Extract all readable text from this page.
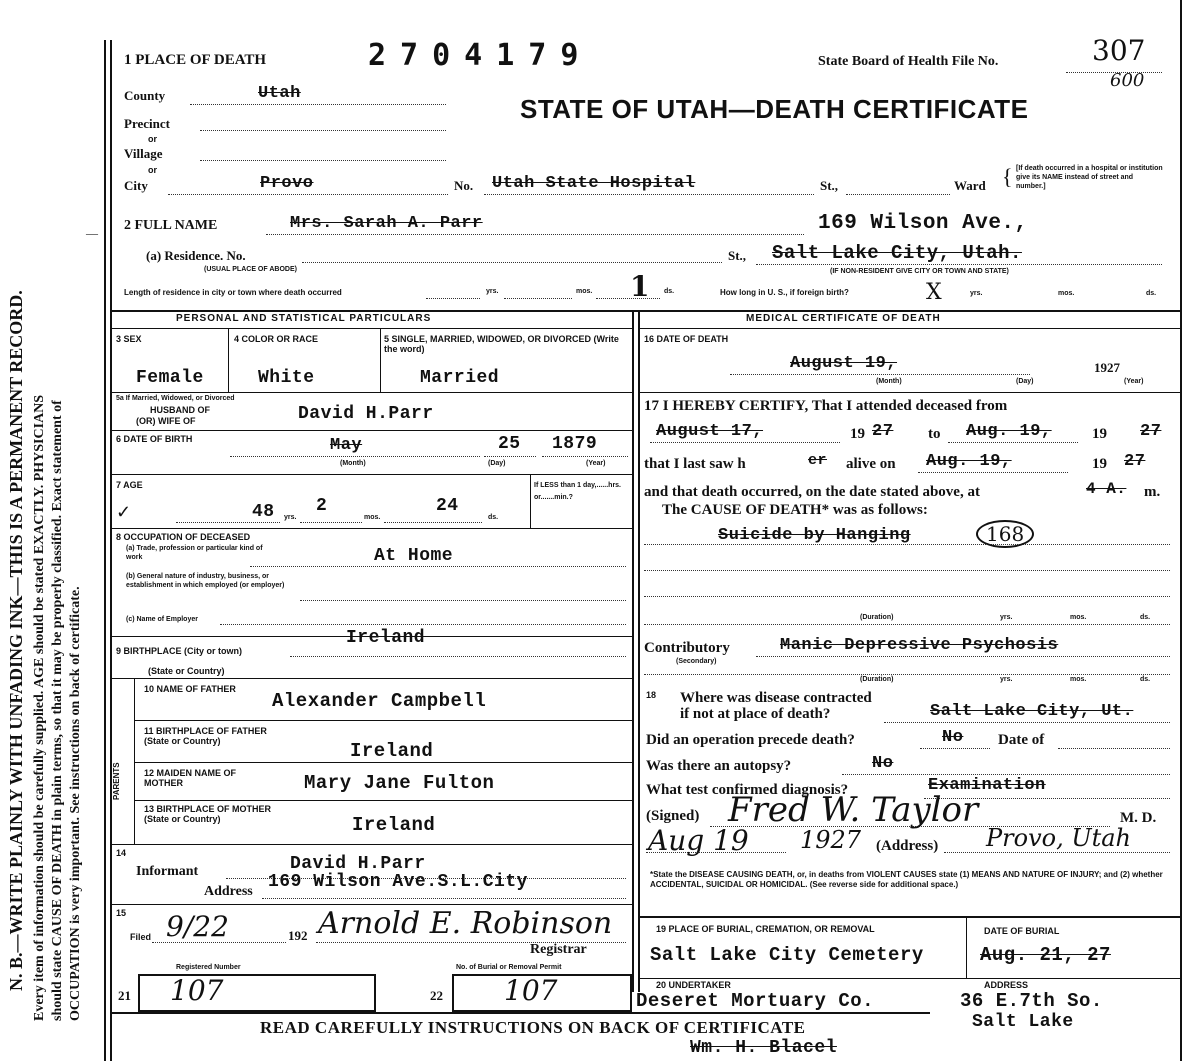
N. B.—WRITE PLAINLY WITH UNFADING INK—THIS IS A PERMANENT RECORD. Every item of information should be carefully supplied. AGE should be stated EXACTLY. PHYSICIANS should state CAUSE OF DEATH in plain terms, so that it may be properly classified. Exact statement of OCCUPATION is very important. See instructions on back of certificate.
1 PLACE OF DEATH	2704179	State Board of Health File No.	307
600
STATE OF UTAH—DEATH CERTIFICATE
County	Utah
Precinct
or
Village
or
City	Provo	No. Utah State Hospital	St.,	Ward { [If death occurred in a hospital or institution give its NAME instead of street and number.]
— 2 FULL NAME	Mrs. Sarah A. Parr	169 Wilson Ave.,
(a) Residence. No.
(USUAL PLACE OF ABODE)
St., Salt Lake City, Utah.
(IF NON-RESIDENT GIVE CITY OR TOWN AND STATE)
Length of residence in city or town where death occurred	yrs.	mos. 1 ds.	How long in U. S., if foreign birth?	X	yrs.	mos.	ds.
PERSONAL AND STATISTICAL PARTICULARS
3 SEX
Female
4 COLOR OR RACE
White
5 SINGLE, MARRIED, WIDOWED, OR DIVORCED (Write the word)
Married
5a If Married, Widowed, or Divorced
HUSBAND OF
(OR) WIFE OF	David H.Parr
6 DATE OF BIRTH	May
(Month)
25
(Day)
1879
(Year)
7 AGE
✓	48 yrs.
2
mos.
24
ds.
If LESS than 1 day,......hrs. or.......min.?
8 OCCUPATION OF DECEASED
(a) Trade, profession or particular kind of work	At Home
(b) General nature of industry, business, or establishment in which employed (or employer)
(c) Name of Employer
9 BIRTHPLACE (City or town)
Ireland
(State or Country)
PARENTS
10 NAME OF FATHER
Alexander Campbell
11 BIRTHPLACE OF FATHER (State or Country)	Ireland
12 MAIDEN NAME OF MOTHER	Mary Jane Fulton
13 BIRTHPLACE OF MOTHER (State or Country)	Ireland
14
Informant	David H.Parr
Address 169 Wilson Ave.S.L.City
15
Filed 9/22	192 Arnold E. Robinson
Registrar
Registered Number
21 107
No. of Burial or Removal Permit
22 107
MEDICAL CERTIFICATE OF DEATH
16 DATE OF DEATH
August 19,
(Month)	(Day)
1927
(Year)
17 I HEREBY CERTIFY, That I attended deceased from
August 17,	19 27 to Aug. 19,	19 27
that I last saw h	er alive on Aug. 19,	19 27
and that death occurred, on the date stated above, at	4 A. m.
The CAUSE OF DEATH* was as follows:
Suicide by Hanging	168
(Duration)	yrs.	mos.	ds.
Contributory
(Secondary)
Manic Depressive Psychosis
(Duration)	yrs.	mos.	ds.
18 Where was disease contracted
if not at place of death?	Salt Lake City, Ut.
Did an operation precede death?	No Date of
Was there an autopsy?	No
What test confirmed diagnosis?	Examination
(Signed) Fred W. Taylor	M. D.
Aug 19 1927 (Address) Provo, Utah
*State the DISEASE CAUSING DEATH, or, in deaths from VIOLENT CAUSES state (1) MEANS AND NATURE OF INJURY; and (2) whether ACCIDENTAL, SUICIDAL OR HOMICIDAL. (See reverse side for additional space.)
19 PLACE OF BURIAL, CREMATION, OR REMOVAL	DATE OF BURIAL
Salt Lake City Cemetery	Aug. 21, 27
20 UNDERTAKER	ADDRESS
Deseret Mortuary Co.	36 E.7th So.
Salt Lake
READ CAREFULLY INSTRUCTIONS ON BACK OF CERTIFICATE
Wm. H. Blacel
